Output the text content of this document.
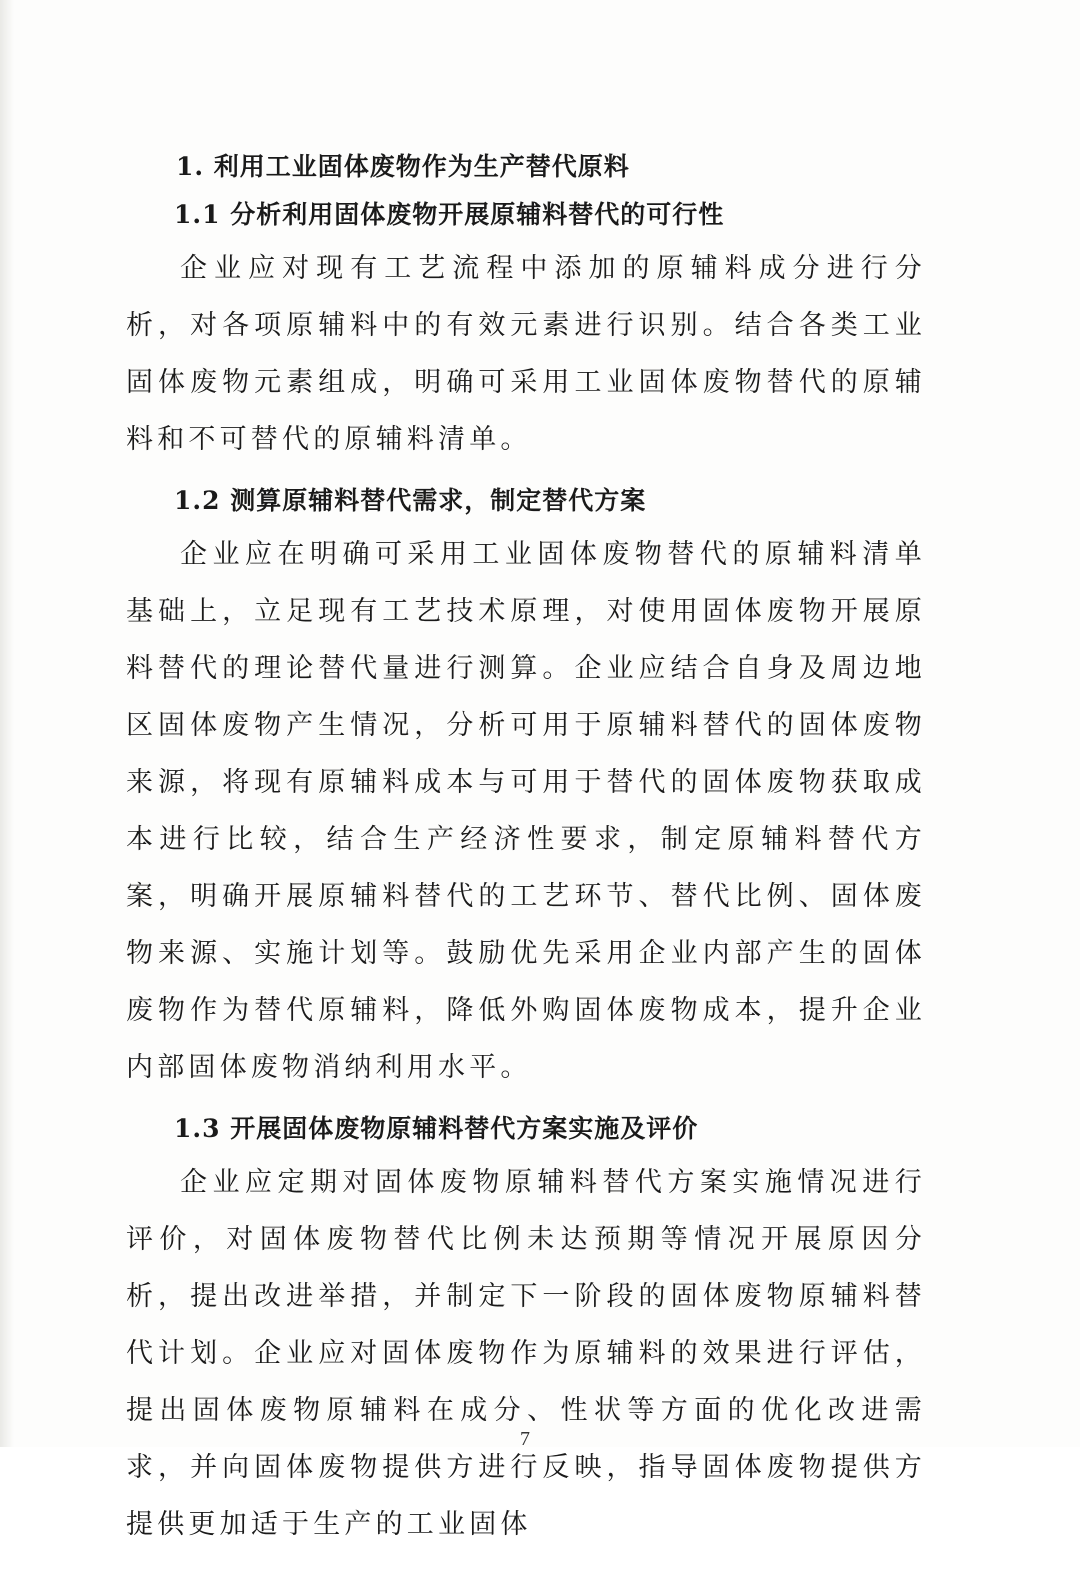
1. 利用工业固体废物作为生产替代原料
1.1 分析利用固体废物开展原辅料替代的可行性

企业应对现有工艺流程中添加的原辅料成分进行分析，对各项原辅料中的有效元素进行识别。结合各类工业固体废物元素组成，明确可采用工业固体废物替代的原辅料和不可替代的原辅料清单。

1.2 测算原辅料替代需求，制定替代方案

企业应在明确可采用工业固体废物替代的原辅料清单基础上，立足现有工艺技术原理，对使用固体废物开展原料替代的理论替代量进行测算。企业应结合自身及周边地区固体废物产生情况，分析可用于原辅料替代的固体废物来源，将现有原辅料成本与可用于替代的固体废物获取成本进行比较，结合生产经济性要求，制定原辅料替代方案，明确开展原辅料替代的工艺环节、替代比例、固体废物来源、实施计划等。鼓励优先采用企业内部产生的固体废物作为替代原辅料，降低外购固体废物成本，提升企业内部固体废物消纳利用水平。

1.3 开展固体废物原辅料替代方案实施及评价

企业应定期对固体废物原辅料替代方案实施情况进行评价，对固体废物替代比例未达预期等情况开展原因分析，提出改进举措，并制定下一阶段的固体废物原辅料替代计划。企业应对固体废物作为原辅料的效果进行评估，提出固体废物原辅料在成分、性状等方面的优化改进需求，并向固体废物提供方进行反映，指导固体废物提供方提供更加适于生产的工业固体

7
